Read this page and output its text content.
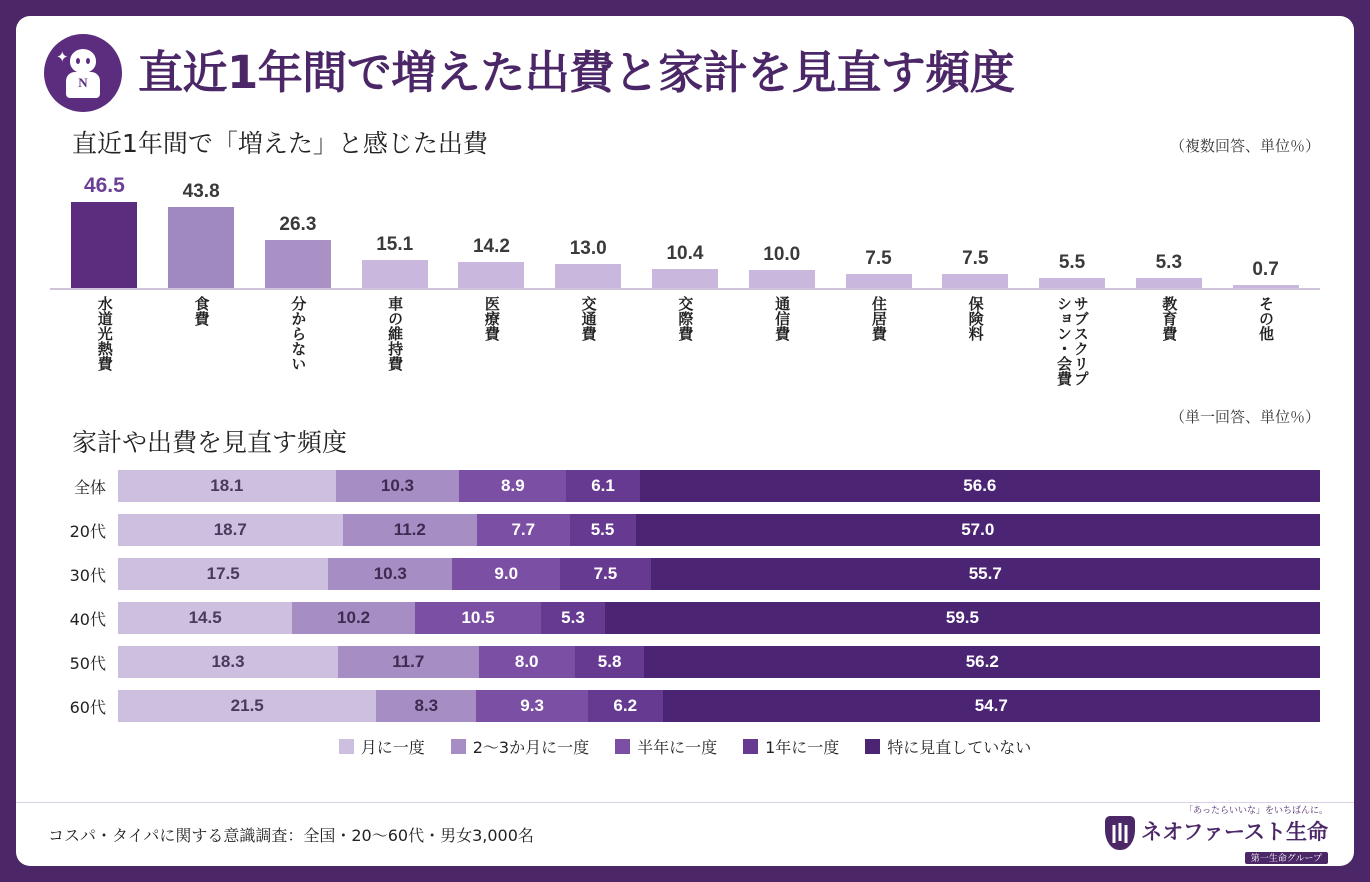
✦
N 直近1年間で増えた出費と家計を見直す頻度
直近1年間で「増えた」と感じた出費	（複数回答、単位％）
46.5	43.8
26.3
15.1	14.2	13.0	10.4	10.0	7.5	7.5	5.5	5.3	0.7
水道光熱費	食費	分からない	車の維持費	医療費	交通費	交際費	通信費	住居費	保険料	サブスクリプション・会費	教育費	その他
（単一回答、単位％）
家計や出費を見直す頻度
全体	18.1	10.3	8.9	6.1	56.6
20代	18.7	11.2	7.7	5.5	57.0
30代	17.5	10.3	9.0	7.5	55.7
40代	14.5	10.2	10.5	5.3	59.5
50代	18.3	11.7	8.0	5.8	56.2
60代	21.5	8.3	9.3	6.2	54.7
月に一度	2〜3か月に一度	半年に一度	1年に一度	特に見直していない
コスパ・タイパに関する意識調査：全国・20〜60代・男女3,000名
「あったらいいな」をいちばんに。
ネオファースト生命
第一生命グループ
